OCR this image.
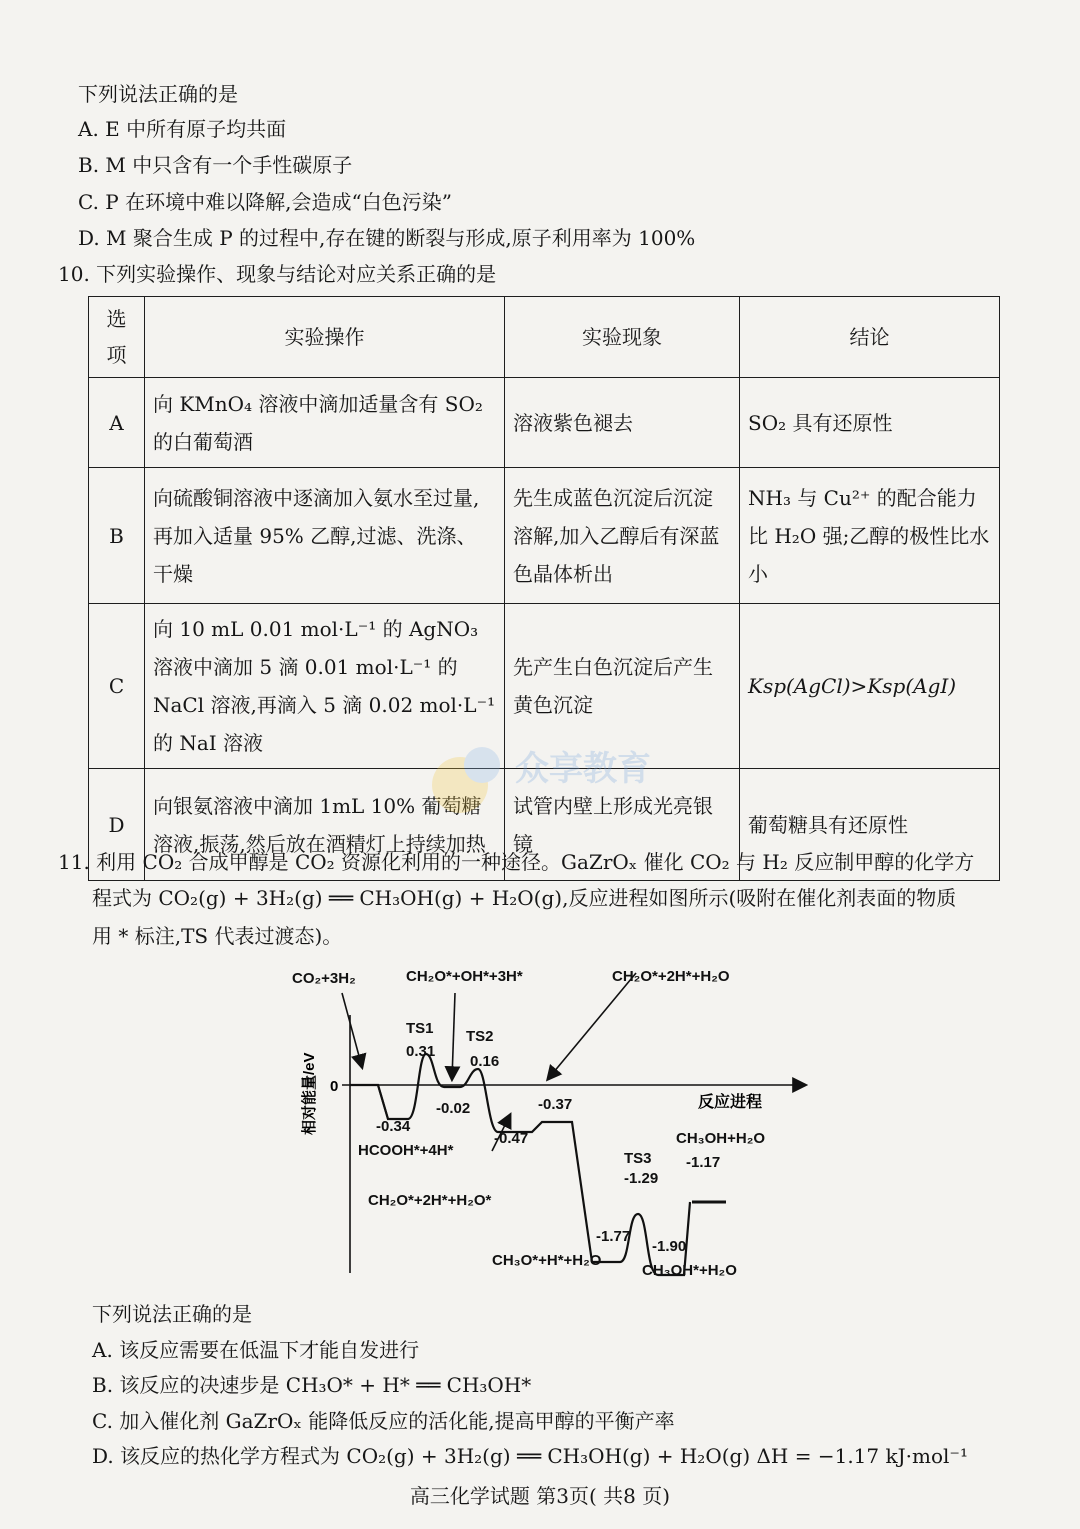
下列说法正确的是
A. E 中所有原子均共面
B. M 中只含有一个手性碳原子
C. P 在环境中难以降解,会造成“白色污染”
D. M 聚合生成 P 的过程中,存在键的断裂与形成,原子利用率为 100%
10. 下列实验操作、现象与结论对应关系正确的是
选项	实验操作	实验现象	结论
A	向 KMnO₄ 溶液中滴加适量含有 SO₂ 的白葡萄酒	溶液紫色褪去	SO₂ 具有还原性
B	向硫酸铜溶液中逐滴加入氨水至过量,再加入适量 95% 乙醇,过滤、洗涤、干燥	先生成蓝色沉淀后沉淀溶解,加入乙醇后有深蓝色晶体析出	NH₃ 与 Cu²⁺ 的配合能力比 H₂O 强;乙醇的极性比水小
C	向 10 mL 0.01 mol·L⁻¹ 的 AgNO₃ 溶液中滴加 5 滴 0.01 mol·L⁻¹ 的 NaCl 溶液,再滴入 5 滴 0.02 mol·L⁻¹ 的 NaI 溶液	先产生白色沉淀后产生黄色沉淀	Ksp(AgCl)>Ksp(AgI)
D	向银氨溶液中滴加 1mL 10% 葡萄糖溶液,振荡,然后放在酒精灯上持续加热	试管内壁上形成光亮银镜	葡萄糖具有还原性
众享教育
11. 利用 CO₂ 合成甲醇是 CO₂ 资源化利用的一种途径。GaZrOₓ 催化 CO₂ 与 H₂ 反应制甲醇的化学方
程式为 CO₂(g) + 3H₂(g) ══ CH₃OH(g) + H₂O(g),反应进程如图所示(吸附在催化剂表面的物质
用 * 标注,TS 代表过渡态)。
0
相对能量/eV	反应进程
CO₂+3H₂
-0.34
HCOOH*+4H*
TS1
0.31
-0.02
CH₂O*+OH*+3H*
TS2
0.16
-0.47
CH₂O*+2H*+H₂O*
-0.37
CH₂O*+2H*+H₂O
-1.77
CH₃O*+H*+H₂O
TS3
-1.29
-1.90
CH₃OH*+H₂O
-1.17
CH₃OH+H₂O
下列说法正确的是
A. 该反应需要在低温下才能自发进行
B. 该反应的决速步是 CH₃O* + H* ══ CH₃OH*
C. 加入催化剂 GaZrOₓ 能降低反应的活化能,提高甲醇的平衡产率
D. 该反应的热化学方程式为 CO₂(g) + 3H₂(g) ══ CH₃OH(g) + H₂O(g) ΔH = −1.17 kJ·mol⁻¹
高三化学试题 第3页( 共8 页)
